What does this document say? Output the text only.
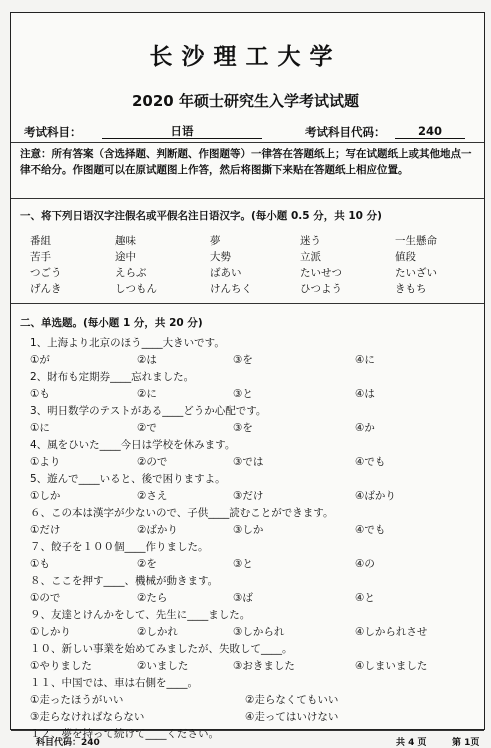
长沙理工大学
2020 年硕士研究生入学考试试题
考试科目：	日语	考试科目代码：	240
注意：所有答案（含选择题、判断题、作图题等）一律答在答题纸上；写在试题纸上或其他地点一律不给分。作图题可以在原试题图上作答，然后将图撕下来贴在答题纸上相应位置。
一、将下列日语汉字注假名或平假名注日语汉字。(每小题 0.5 分，共 10 分)
番組	趣味	夢	迷う	一生懸命
苦手	途中	大勢	立派	値段
つごう	えらぶ	ばあい	たいせつ	たいざい
げんき	しつもん	けんちく	ひつよう	きもち
二、单选题。(每小题 1 分，共 20 分)
1、上海より北京のほう____大きいです。
①が	②は	③を	④に
2、財布も定期券____忘れました。
①も	②に	③と	④は
3、明日数学のテストがある____どうか心配です。
①に	②で	③を	④か
4、風をひいた____今日は学校を休みます。
①より	②ので	③では	④でも
5、遊んで____いると、後で困りますよ。
①しか	②さえ	③だけ	④ばかり
６、この本は漢字が少ないので、子供____読むことができます。
①だけ	②ばかり	③しか	④でも
７、餃子を１００個____作りました。
①も	②を	③と	④の
８、ここを押す____、機械が動きます。
①ので	②たら	③ば	④と
９、友達とけんかをして、先生に____ました。
①しかり	②しかれ	③しかられ	④しかられさせ
１０、新しい事業を始めてみましたが、失敗して____。
①やりました	②いました	③おきました	④しまいました
１１、中国では、車は右側を____。
①走ったほうがいい	②走らなくてもいい
③走らなければならない	④走ってはいけない
１２、夢を持って続けて____ください。
科目代码：240	共 4 页	第 1页
